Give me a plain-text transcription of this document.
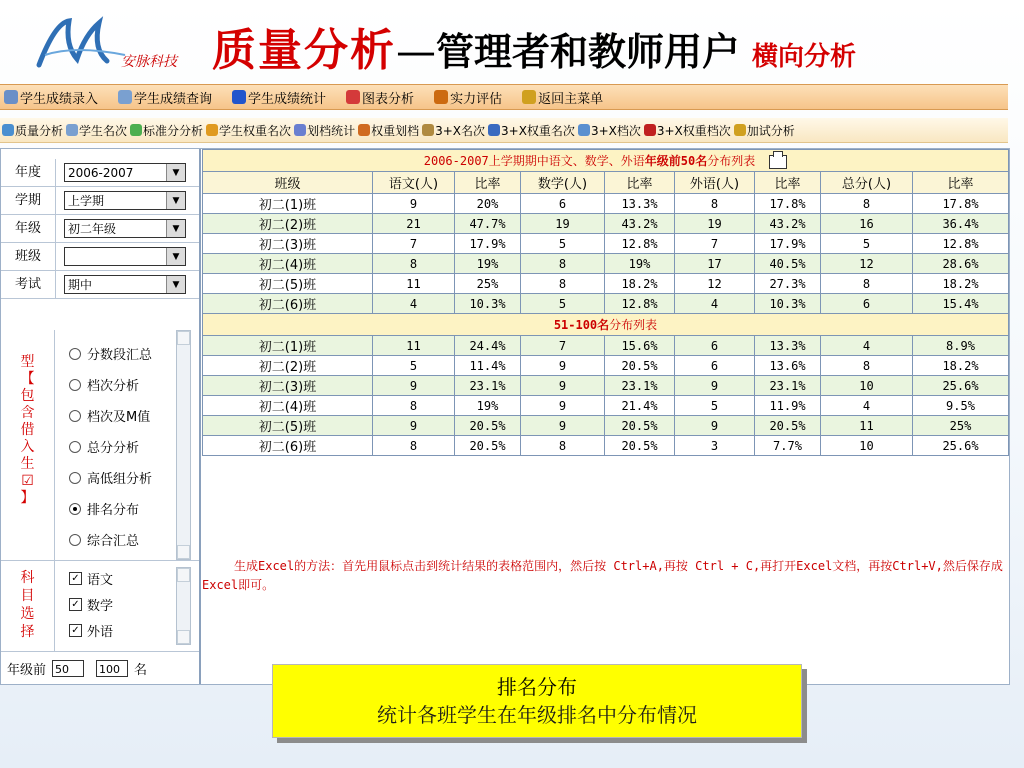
安脉科技 质量分析—管理者和教师用户 横向分析
学生成绩录入	学生成绩查询	学生成绩统计	图表分析	实力评估	返回主菜单
质量分析 学生名次 标准分分析 学生权重名次 划档统计 权重划档 3+X名次 3+X权重名次 3+X档次 3+X权重档次 加试分析
年度	2006-2007	▼
学期	上学期	▼
年级	初二年级	▼
班级	▼
考试	期中	▼
型
【
包
含
借
入
生
☑
】
分数段汇总
档次分析
档次及M值
总分分析
高低组分析
排名分布
综合汇总
科
目
选
择
✓ 语文
✓ 数学
✓ 外语
年级前 50	100	名
2006-2007上学期期中语文、数学、外语年级前50名分布列表								
班级	语文(人)	比率	数学(人)	比率	外语(人)	比率	总分(人)	比率
初二(1)班	9	20%	6	13.3%	8	17.8%	8	17.8%
初二(2)班	21	47.7%	19	43.2%	19	43.2%	16	36.4%
初二(3)班	7	17.9%	5	12.8%	7	17.9%	5	12.8%
初二(4)班	8	19%	8	19%	17	40.5%	12	28.6%
初二(5)班	11	25%	8	18.2%	12	27.3%	8	18.2%
初二(6)班	4	10.3%	5	12.8%	4	10.3%	6	15.4%
51-100名分布列表								
初二(1)班	11	24.4%	7	15.6%	6	13.3%	4	8.9%
初二(2)班	5	11.4%	9	20.5%	6	13.6%	8	18.2%
初二(3)班	9	23.1%	9	23.1%	9	23.1%	10	25.6%
初二(4)班	8	19%	9	21.4%	5	11.9%	4	9.5%
初二(5)班	9	20.5%	9	20.5%	9	20.5%	11	25%
初二(6)班	8	20.5%	8	20.5%	3	7.7%	10	25.6%
生成Excel的方法：首先用鼠标点击到统计结果的表格范围内，然后按 Ctrl+A,再按 Ctrl + C,再打开Excel文档，再按Ctrl+V,然后保存成Excel即可。
排名分布
统计各班学生在年级排名中分布情况
